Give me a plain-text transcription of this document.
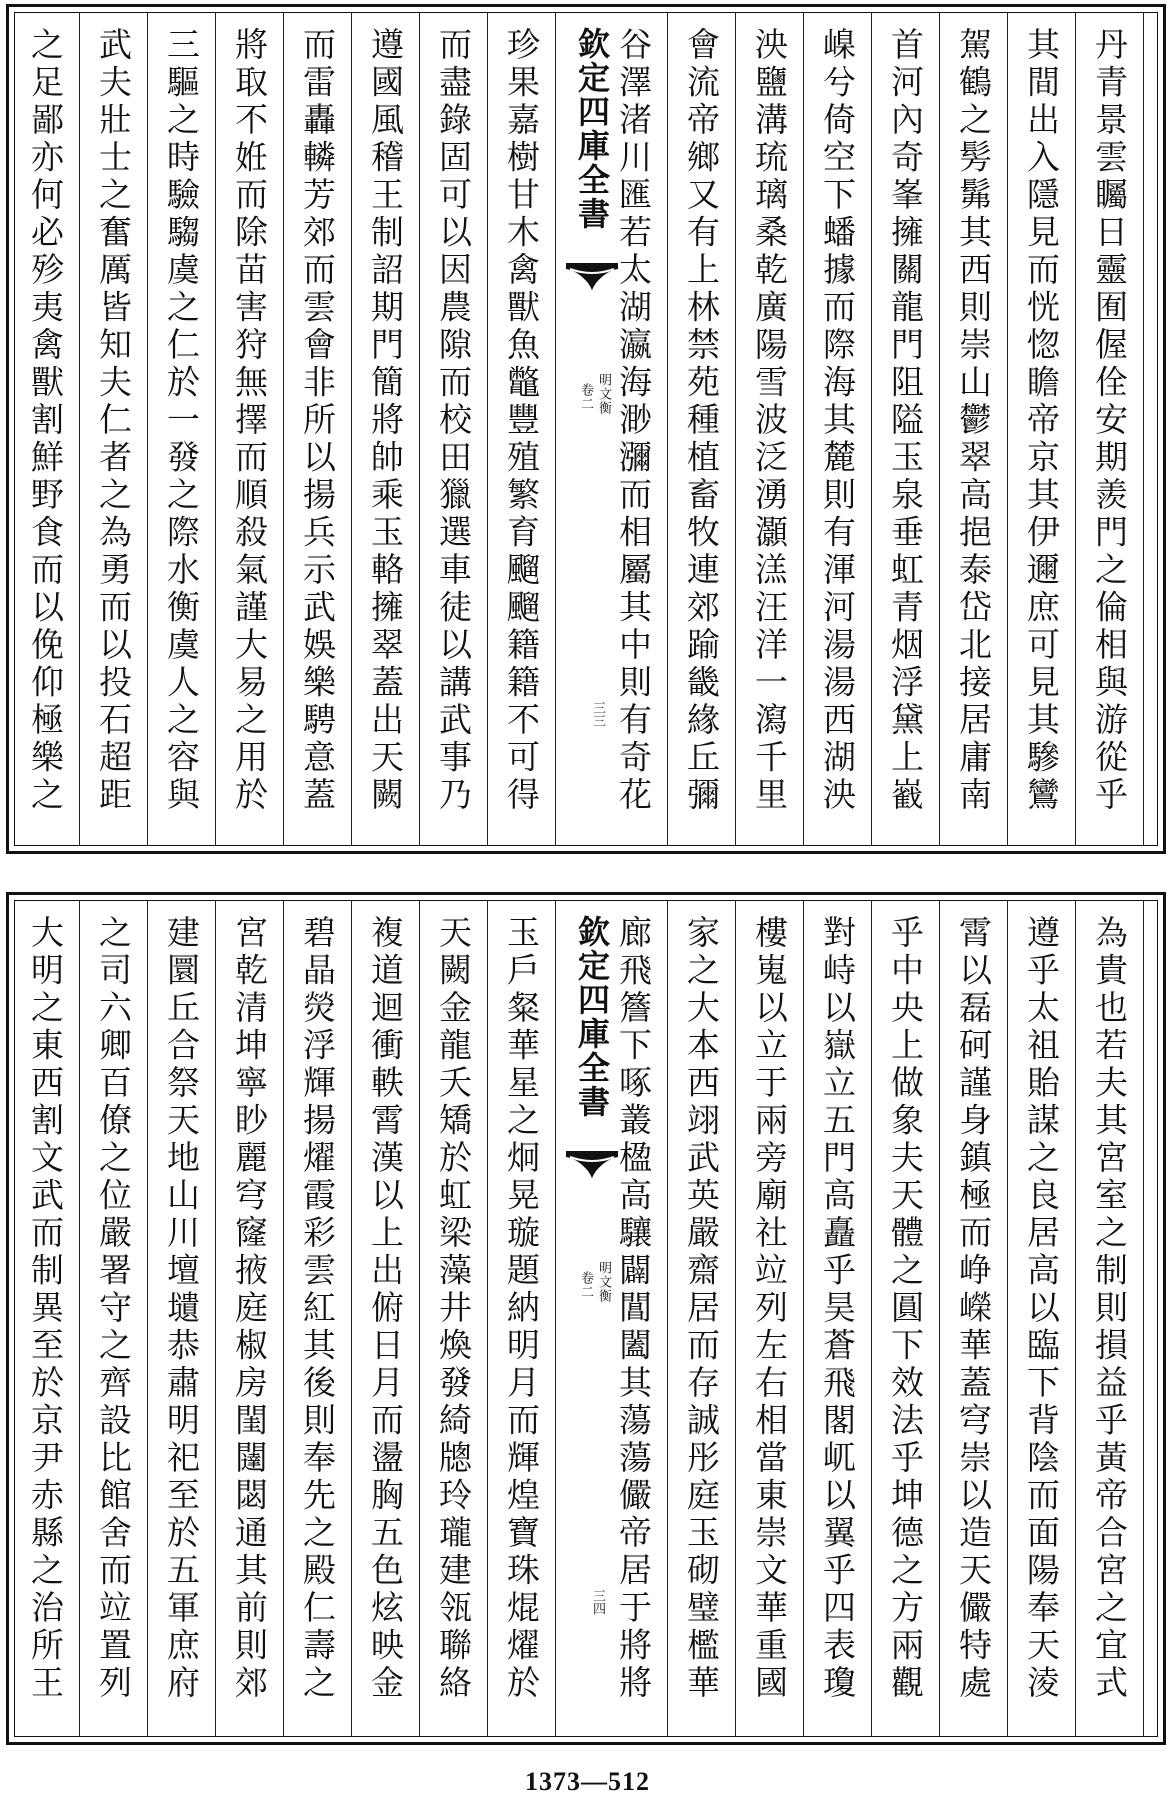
丹青景雲矚日靈囿偓佺安期羨門之倫相與游從乎
其間出入隱見而恍惚瞻帝京其伊邇庶可見其驂鸞
駕鶴之髣髴其西則崇山鬱翠高挹泰岱北接居庸南
首河內奇峯擁關龍門阻隘玉泉垂虹青烟浮黛上巀
嵲兮倚空下蟠據而際海其麓則有渾河湯湯西湖泱
泱鹽溝琉璃桑乾廣陽雪波泛湧灝溔汪洋一瀉千里
會流帝鄉又有上林禁苑種植畜牧連郊踰畿緣丘彌
谷澤渚川匯若太湖瀛海渺瀰而相屬其中則有奇花
欽定四庫全書
明文衡
卷二
三三
珍果嘉樹甘木禽獸魚鼈豐殖繁育飀飀籍籍不可得
而盡錄固可以因農隙而校田獵選車徒以講武事乃
遵國風稽王制詔期門簡將帥乘玉輅擁翠蓋出天闕
而雷轟轔芳郊而雲會非所以揚兵示武娛樂騁意蓋
將取不姙而除苗害狩無擇而順殺氣謹大易之用於
三驅之時驗騶虞之仁於一發之際水衡虞人之容與
武夫壯士之奮厲皆知夫仁者之為勇而以投石超距
之足鄙亦何必殄夷禽獸割鮮野食而以俛仰極樂之
為貴也若夫其宮室之制則損益乎黃帝合宮之宜式
遵乎太祖貽謀之良居高以臨下背陰而面陽奉天淩
霄以磊砢謹身鎮極而峥嶸華蓋穹崇以造天儼特處
乎中央上做象夫天體之圓下效法乎坤德之方兩觀
對峙以嶽立五門高矗乎昊蒼飛閣屼以翼乎四表瓊
樓嵬以立于兩旁廟社竝列左右相當東崇文華重國
家之大本西翊武英嚴齋居而存誠彤庭玉砌璧檻華
廊飛簷下啄叢楹高驤闢閶闔其蕩蕩儼帝居于將將
欽定四庫全書
明文衡
卷二
三四
玉戶粲華星之炯晃璇題納明月而輝煌寶珠焜燿於
天闕金龍夭矯於虹梁藻井煥發綺牕玲瓏建瓴聯絡
複道迴衝軼霄漢以上出俯日月而盪胸五色炫映金
碧晶熒浮輝揚燿霞彩雲紅其後則奉先之殿仁壽之
宮乾清坤寧眇麗穹窿掖庭椒房閨闥閟通其前則郊
建圜丘合祭天地山川壇壝恭肅明祀至於五軍庶府
之司六卿百僚之位嚴署守之齊設比館舍而竝置列
大明之東西割文武而制異至於京尹赤縣之治所王
1373—512
